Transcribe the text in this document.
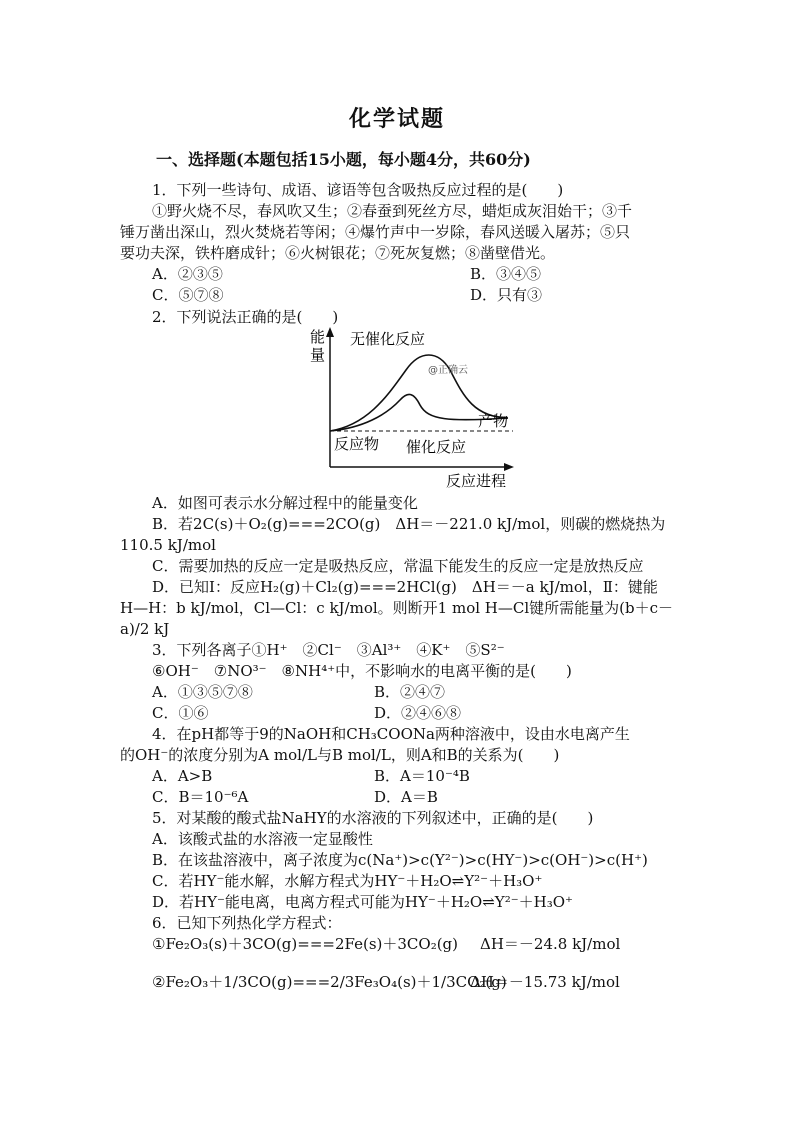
化学试题
一、选择题(本题包括15小题，每小题4分，共60分)
1．下列一些诗句、成语、谚语等包含吸热反应过程的是(　　)
①野火烧不尽，春风吹又生；②春蚕到死丝方尽，蜡炬成灰泪始干；③千
锤万凿出深山，烈火焚烧若等闲；④爆竹声中一岁除，春风送暖入屠苏；⑤只
要功夫深，铁杵磨成针；⑥火树银花；⑦死灰复燃；⑧凿壁借光。
A．②③⑤	B．③④⑤
C．⑤⑦⑧	D．只有③
2．下列说法正确的是(　　)
能
量
无催化反应
@正确云
产物
反应物 催化反应
反应进程
A．如图可表示水分解过程中的能量变化
B．若2C(s)＋O₂(g)===2CO(g)　ΔH＝－221.0 kJ/mol，则碳的燃烧热为
110.5 kJ/mol
C．需要加热的反应一定是吸热反应，常温下能发生的反应一定是放热反应
D．已知Ⅰ：反应H₂(g)＋Cl₂(g)===2HCl(g)　ΔH＝－a kJ/mol，Ⅱ：键能
H—H：b kJ/mol，Cl—Cl：c kJ/mol。则断开1 mol H—Cl键所需能量为(b＋c－
a)/2 kJ
3．下列各离子①H⁺　②Cl⁻　③Al³⁺　④K⁺　⑤S²⁻
⑥OH⁻　⑦NO³⁻　⑧NH⁴⁺中，不影响水的电离平衡的是(　　)
A．①③⑤⑦⑧	B．②④⑦
C．①⑥	D．②④⑥⑧
4．在pH都等于9的NaOH和CH₃COONa两种溶液中，设由水电离产生
的OH⁻的浓度分别为A mol/L与B mol/L，则A和B的关系为(　　)
A．A>B	B．A＝10⁻⁴B
C．B＝10⁻⁶A	D．A＝B
5．对某酸的酸式盐NaHY的水溶液的下列叙述中，正确的是(　　)
A．该酸式盐的水溶液一定显酸性
B．在该盐溶液中，离子浓度为c(Na⁺)>c(Y²⁻)>c(HY⁻)>c(OH⁻)>c(H⁺)
C．若HY⁻能水解，水解方程式为HY⁻＋H₂O⇌Y²⁻＋H₃O⁺
D．若HY⁻能电离，电离方程式可能为HY⁻＋H₂O⇌Y²⁻＋H₃O⁺
6．已知下列热化学方程式：
①Fe₂O₃(s)＋3CO(g)===2Fe(s)＋3CO₂(g) ΔH＝－24.8 kJ/mol
②Fe₂O₃＋1/3CO(g)===2/3Fe₃O₄(s)＋1/3CO₂(g)
ΔH＝－15.73 kJ/mol
